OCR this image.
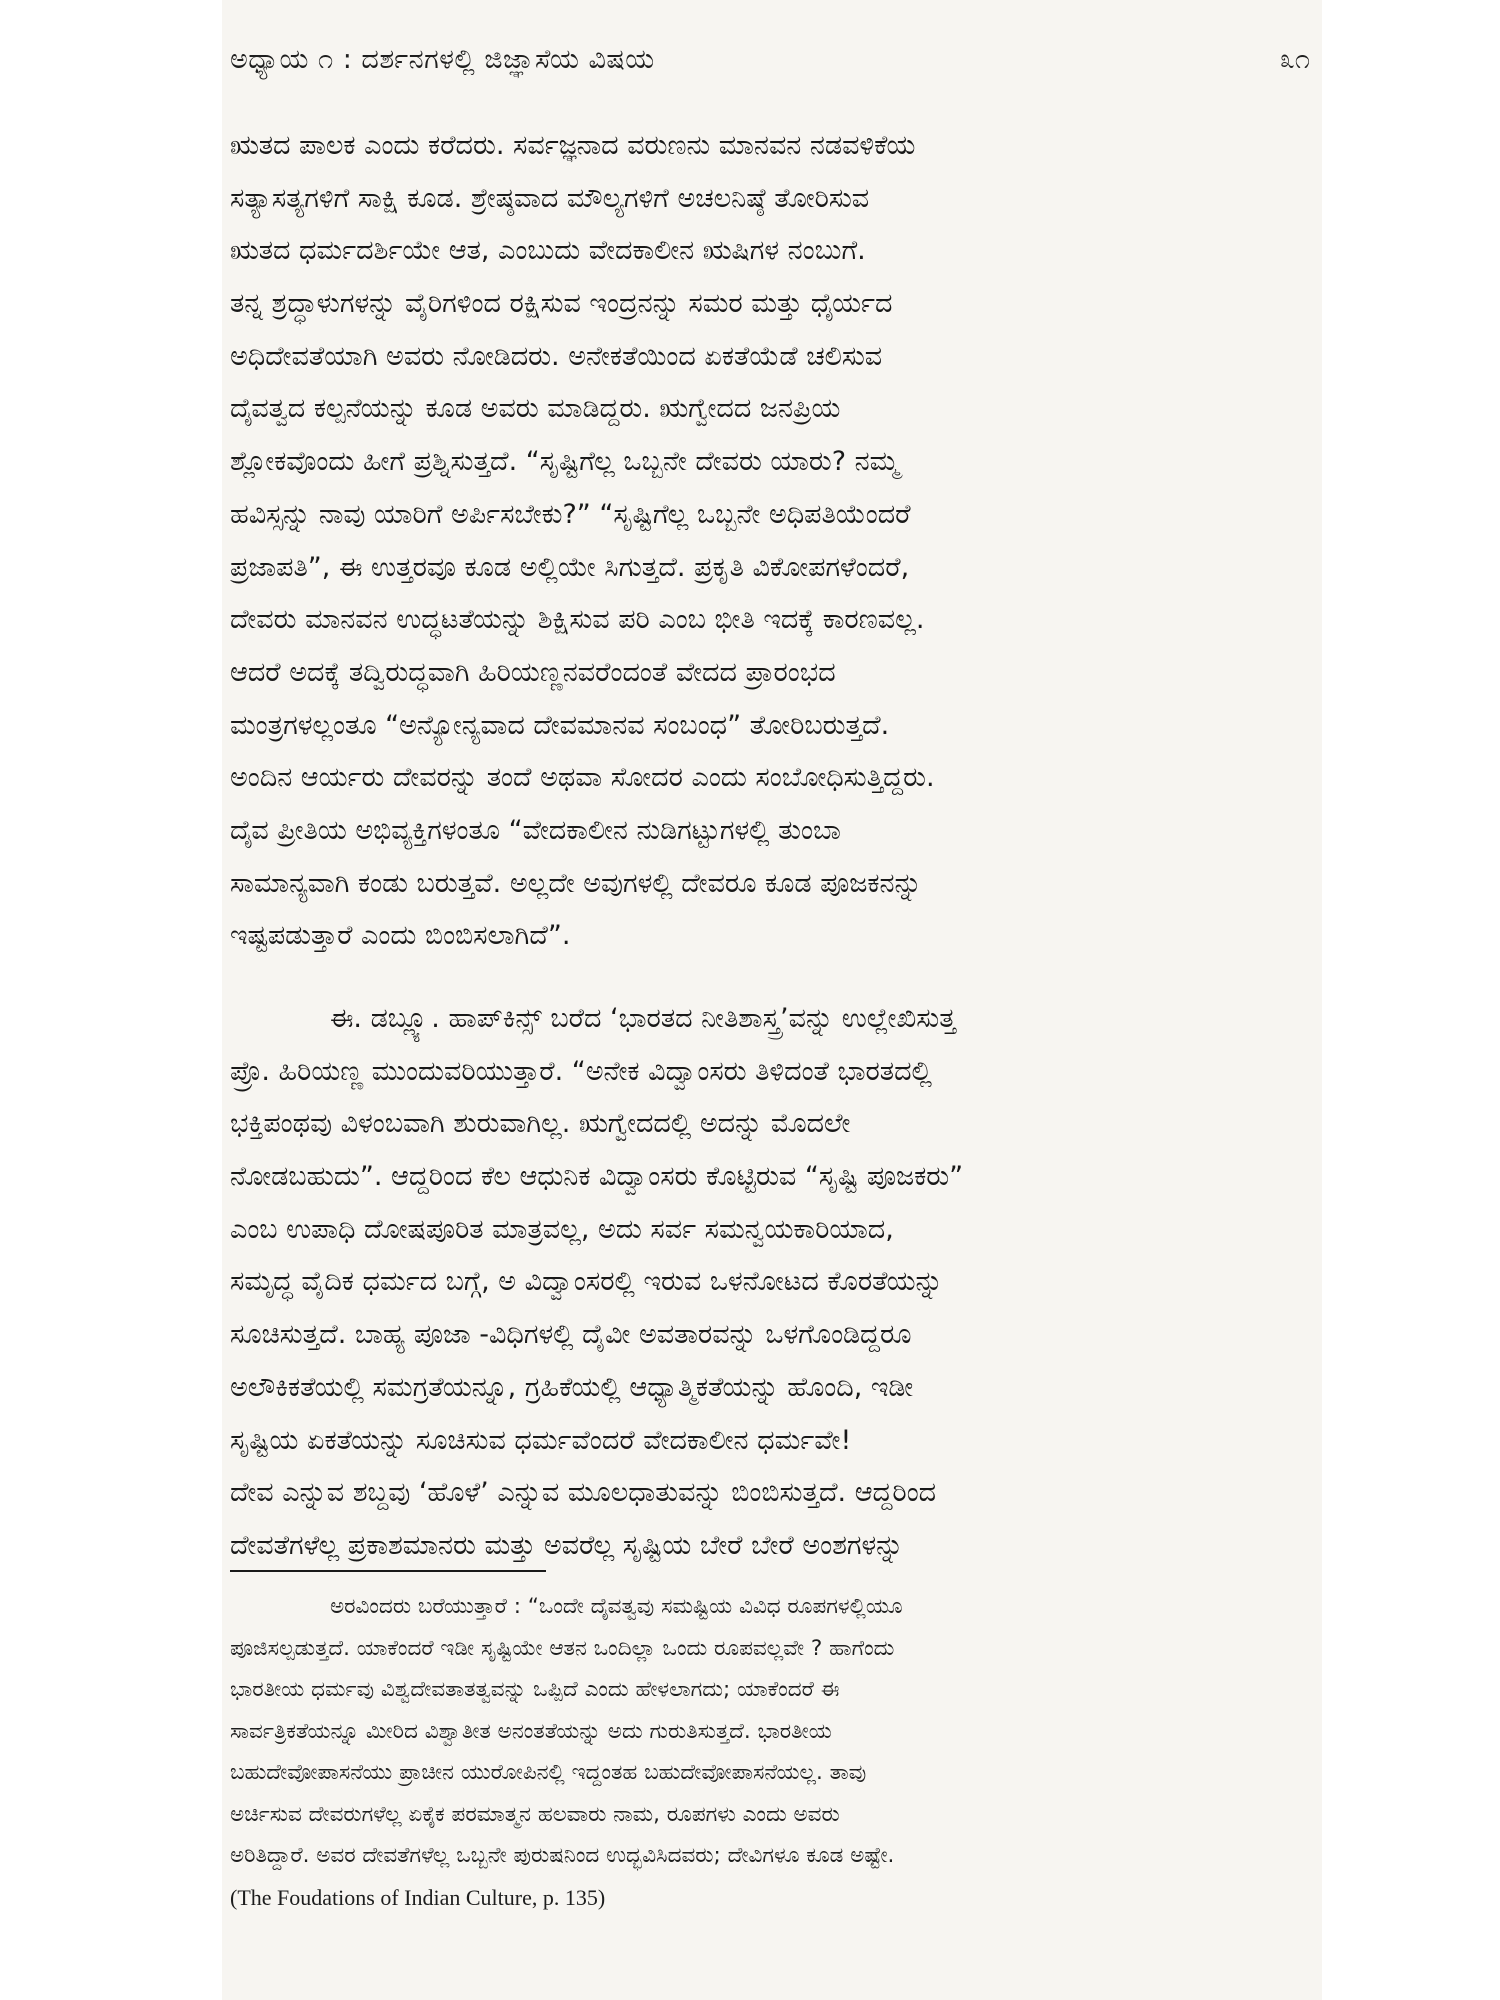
ಅಧ್ಯಾಯ ೧ : ದರ್ಶನಗಳಲ್ಲಿ ಜಿಜ್ಞಾಸೆಯ ವಿಷಯ	೩೧
ಋತದ ಪಾಲಕ ಎಂದು ಕರೆದರು. ಸರ್ವಜ್ಞನಾದ ವರುಣನು ಮಾನವನ ನಡವಳಿಕೆಯ
ಸತ್ಯಾಸತ್ಯಗಳಿಗೆ ಸಾಕ್ಷಿ ಕೂಡ. ಶ್ರೇಷ್ಠವಾದ ಮೌಲ್ಯಗಳಿಗೆ ಅಚಲನಿಷ್ಠೆ ತೋರಿಸುವ
ಋತದ ಧರ್ಮದರ್ಶಿಯೇ ಆತ, ಎಂಬುದು ವೇದಕಾಲೀನ ಋಷಿಗಳ ನಂಬುಗೆ.
ತನ್ನ ಶ್ರದ್ಧಾಳುಗಳನ್ನು ವೈರಿಗಳಿಂದ ರಕ್ಷಿಸುವ ಇಂದ್ರನನ್ನು ಸಮರ ಮತ್ತು ಧೈರ್ಯದ
ಅಧಿದೇವತೆಯಾಗಿ ಅವರು ನೋಡಿದರು. ಅನೇಕತೆಯಿಂದ ಏಕತೆಯೆಡೆ ಚಲಿಸುವ
ದೈವತ್ವದ ಕಲ್ಪನೆಯನ್ನು ಕೂಡ ಅವರು ಮಾಡಿದ್ದರು. ಋಗ್ವೇದದ ಜನಪ್ರಿಯ
ಶ್ಲೋಕವೊಂದು ಹೀಗೆ ಪ್ರಶ್ನಿಸುತ್ತದೆ. “ಸೃಷ್ಟಿಗೆಲ್ಲ ಒಬ್ಬನೇ ದೇವರು ಯಾರು? ನಮ್ಮ
ಹವಿಸ್ಸನ್ನು ನಾವು ಯಾರಿಗೆ ಅರ್ಪಿಸಬೇಕು?” “ಸೃಷ್ಟಿಗೆಲ್ಲ ಒಬ್ಬನೇ ಅಧಿಪತಿಯೆಂದರೆ
ಪ್ರಜಾಪತಿ”, ಈ ಉತ್ತರವೂ ಕೂಡ ಅಲ್ಲಿಯೇ ಸಿಗುತ್ತದೆ. ಪ್ರಕೃತಿ ವಿಕೋಪಗಳೆಂದರೆ,
ದೇವರು ಮಾನವನ ಉದ್ಧಟತೆಯನ್ನು ಶಿಕ್ಷಿಸುವ ಪರಿ ಎಂಬ ಭೀತಿ ಇದಕ್ಕೆ ಕಾರಣವಲ್ಲ.
ಆದರೆ ಅದಕ್ಕೆ ತದ್ವಿರುದ್ಧವಾಗಿ ಹಿರಿಯಣ್ಣನವರೆಂದಂತೆ ವೇದದ ಪ್ರಾರಂಭದ
ಮಂತ್ರಗಳಲ್ಲಂತೂ “ಅನ್ಯೋನ್ಯವಾದ ದೇವಮಾನವ ಸಂಬಂಧ” ತೋರಿಬರುತ್ತದೆ.
ಅಂದಿನ ಆರ್ಯರು ದೇವರನ್ನು ತಂದೆ ಅಥವಾ ಸೋದರ ಎಂದು ಸಂಬೋಧಿಸುತ್ತಿದ್ದರು.
ದೈವ ಪ್ರೀತಿಯ ಅಭಿವ್ಯಕ್ತಿಗಳಂತೂ “ವೇದಕಾಲೀನ ನುಡಿಗಟ್ಟುಗಳಲ್ಲಿ ತುಂಬಾ
ಸಾಮಾನ್ಯವಾಗಿ ಕಂಡು ಬರುತ್ತವೆ. ಅಲ್ಲದೇ ಅವುಗಳಲ್ಲಿ ದೇವರೂ ಕೂಡ ಪೂಜಕನನ್ನು
ಇಷ್ಟಪಡುತ್ತಾರೆ ಎಂದು ಬಿಂಬಿಸಲಾಗಿದೆ”.
ಈ. ಡಬ್ಲ್ಯೂ. ಹಾಪ್‌ಕಿನ್ಸ್ ಬರೆದ ‘ಭಾರತದ ನೀತಿಶಾಸ್ತ್ರ’ವನ್ನು ಉಲ್ಲೇಖಿಸುತ್ತ
ಪ್ರೊ. ಹಿರಿಯಣ್ಣ ಮುಂದುವರಿಯುತ್ತಾರೆ. “ಅನೇಕ ವಿದ್ವಾಂಸರು ತಿಳಿದಂತೆ ಭಾರತದಲ್ಲಿ
ಭಕ್ತಿಪಂಥವು ವಿಳಂಬವಾಗಿ ಶುರುವಾಗಿಲ್ಲ. ಋಗ್ವೇದದಲ್ಲಿ ಅದನ್ನು ಮೊದಲೇ
ನೋಡಬಹುದು”. ಆದ್ದರಿಂದ ಕೆಲ ಆಧುನಿಕ ವಿದ್ವಾಂಸರು ಕೊಟ್ಟಿರುವ “ಸೃಷ್ಟಿ ಪೂಜಕರು”
ಎಂಬ ಉಪಾಧಿ ದೋಷಪೂರಿತ ಮಾತ್ರವಲ್ಲ, ಅದು ಸರ್ವ ಸಮನ್ವಯಕಾರಿಯಾದ,
ಸಮೃದ್ಧ ವೈದಿಕ ಧರ್ಮದ ಬಗ್ಗೆ, ಅ ವಿದ್ವಾಂಸರಲ್ಲಿ ಇರುವ ಒಳನೋಟದ ಕೊರತೆಯನ್ನು
ಸೂಚಿಸುತ್ತದೆ. ಬಾಹ್ಯ ಪೂಜಾ -ವಿಧಿಗಳಲ್ಲಿ ದೈವೀ ಅವತಾರವನ್ನು ಒಳಗೊಂಡಿದ್ದರೂ
ಅಲೌಕಿಕತೆಯಲ್ಲಿ ಸಮಗ್ರತೆಯನ್ನೂ, ಗ್ರಹಿಕೆಯಲ್ಲಿ ಆಧ್ಯಾತ್ಮಿಕತೆಯನ್ನು ಹೊಂದಿ, ಇಡೀ
ಸೃಷ್ಟಿಯ ಏಕತೆಯನ್ನು ಸೂಚಿಸುವ ಧರ್ಮವೆಂದರೆ ವೇದಕಾಲೀನ ಧರ್ಮವೇ!
ದೇವ ಎನ್ನುವ ಶಬ್ದವು ‘ಹೊಳೆ’ ಎನ್ನುವ ಮೂಲಧಾತುವನ್ನು ಬಿಂಬಿಸುತ್ತದೆ. ಆದ್ದರಿಂದ
ದೇವತೆಗಳೆಲ್ಲ ಪ್ರಕಾಶಮಾನರು ಮತ್ತು ಅವರೆಲ್ಲ ಸೃಷ್ಟಿಯ ಬೇರೆ ಬೇರೆ ಅಂಶಗಳನ್ನು
ಅರವಿಂದರು ಬರೆಯುತ್ತಾರೆ : “ಒಂದೇ ದೈವತ್ವವು ಸಮಷ್ಟಿಯ ವಿವಿಧ ರೂಪಗಳಲ್ಲಿಯೂ
ಪೂಜಿಸಲ್ಪಡುತ್ತದೆ. ಯಾಕೆಂದರೆ ಇಡೀ ಸೃಷ್ಟಿಯೇ ಆತನ ಒಂದಿಲ್ಲಾ ಒಂದು ರೂಪವಲ್ಲವೇ ? ಹಾಗೆಂದು
ಭಾರತೀಯ ಧರ್ಮವು ವಿಶ್ವದೇವತಾತತ್ವವನ್ನು ಒಪ್ಪಿದೆ ಎಂದು ಹೇಳಲಾಗದು; ಯಾಕೆಂದರೆ ಈ
ಸಾರ್ವತ್ರಿಕತೆಯನ್ನೂ ಮೀರಿದ ವಿಶ್ವಾತೀತ ಅನಂತತೆಯನ್ನು ಅದು ಗುರುತಿಸುತ್ತದೆ. ಭಾರತೀಯ
ಬಹುದೇವೋಪಾಸನೆಯು ಪ್ರಾಚೀನ ಯುರೋಪಿನಲ್ಲಿ ಇದ್ದಂತಹ ಬಹುದೇವೋಪಾಸನೆಯಲ್ಲ. ತಾವು
ಅರ್ಚಿಸುವ ದೇವರುಗಳೆಲ್ಲ ಏಕೈಕ ಪರಮಾತ್ಮನ ಹಲವಾರು ನಾಮ, ರೂಪಗಳು ಎಂದು ಅವರು
ಅರಿತಿದ್ದಾರೆ. ಅವರ ದೇವತೆಗಳೆಲ್ಲ ಒಬ್ಬನೇ ಪುರುಷನಿಂದ ಉದ್ಭವಿಸಿದವರು; ದೇವಿಗಳೂ ಕೂಡ ಅಷ್ಟೇ.
(The Foudations of Indian Culture, p. 135)
